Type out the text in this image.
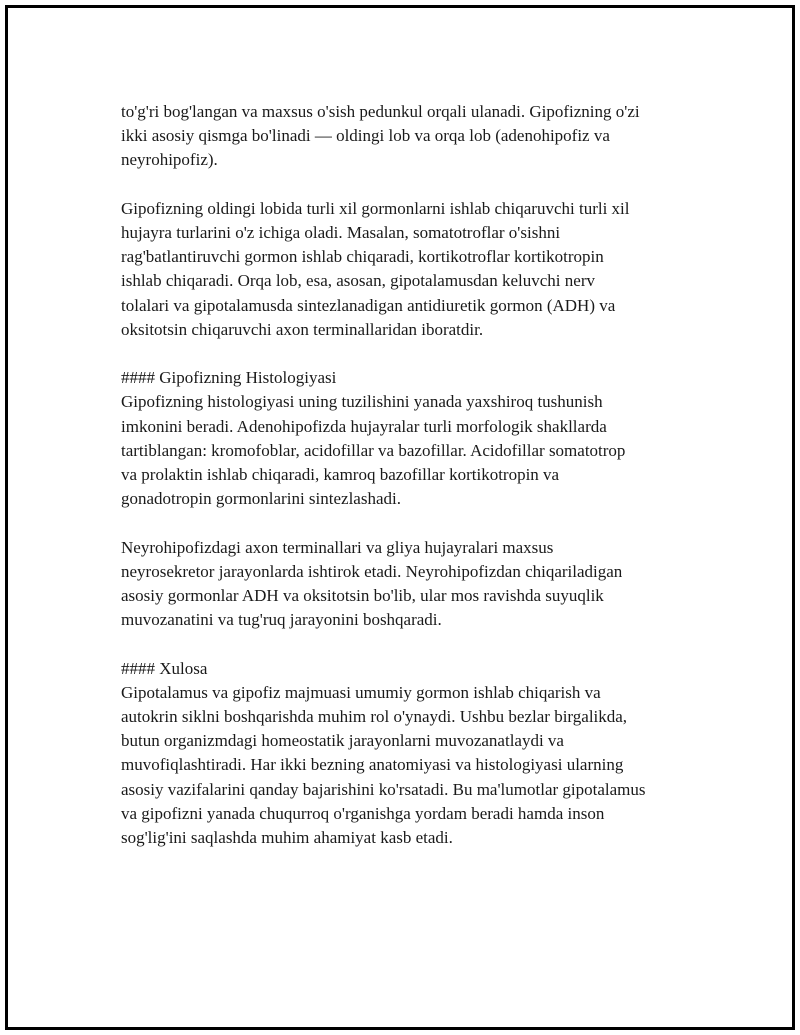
to'g'ri bog'langan va maxsus o'sish pedunkul orqali ulanadi. Gipofizning o'zi
ikki asosiy qismga bo'linadi — oldingi lob va orqa lob (adenohipofiz va
neyrohipofiz).

Gipofizning oldingi lobida turli xil gormonlarni ishlab chiqaruvchi turli xil
hujayra turlarini o'z ichiga oladi. Masalan, somatotroflar o'sishni
rag'batlantiruvchi gormon ishlab chiqaradi, kortikotroflar kortikotropin
ishlab chiqaradi. Orqa lob, esa, asosan, gipotalamusdan keluvchi nerv
tolalari va gipotalamusda sintezlanadigan antidiuretik gormon (ADH) va
oksitotsin chiqaruvchi axon terminallaridan iboratdir.

#### Gipofizning Histologiyasi

Gipofizning histologiyasi uning tuzilishini yanada yaxshiroq tushunish
imkonini beradi. Adenohipofizda hujayralar turli morfologik shakllarda
tartiblangan: kromofoblar, acidofillar va bazofillar. Acidofillar somatotrop
va prolaktin ishlab chiqaradi, kamroq bazofillar kortikotropin va
gonadotropin gormonlarini sintezlashadi.

Neyrohipofizdagi axon terminallari va gliya hujayralari maxsus
neyrosekretor jarayonlarda ishtirok etadi. Neyrohipofizdan chiqariladigan
asosiy gormonlar ADH va oksitotsin bo'lib, ular mos ravishda suyuqlik
muvozanatini va tug'ruq jarayonini boshqaradi.

#### Xulosa

Gipotalamus va gipofiz majmuasi umumiy gormon ishlab chiqarish va
autokrin siklni boshqarishda muhim rol o'ynaydi. Ushbu bezlar birgalikda,
butun organizmdagi homeostatik jarayonlarni muvozanatlaydi va
muvofiqlashtiradi. Har ikki bezning anatomiyasi va histologiyasi ularning
asosiy vazifalarini qanday bajarishini ko'rsatadi. Bu ma'lumotlar gipotalamus
va gipofizni yanada chuqurroq o'rganishga yordam beradi hamda inson
sog'lig'ini saqlashda muhim ahamiyat kasb etadi.
